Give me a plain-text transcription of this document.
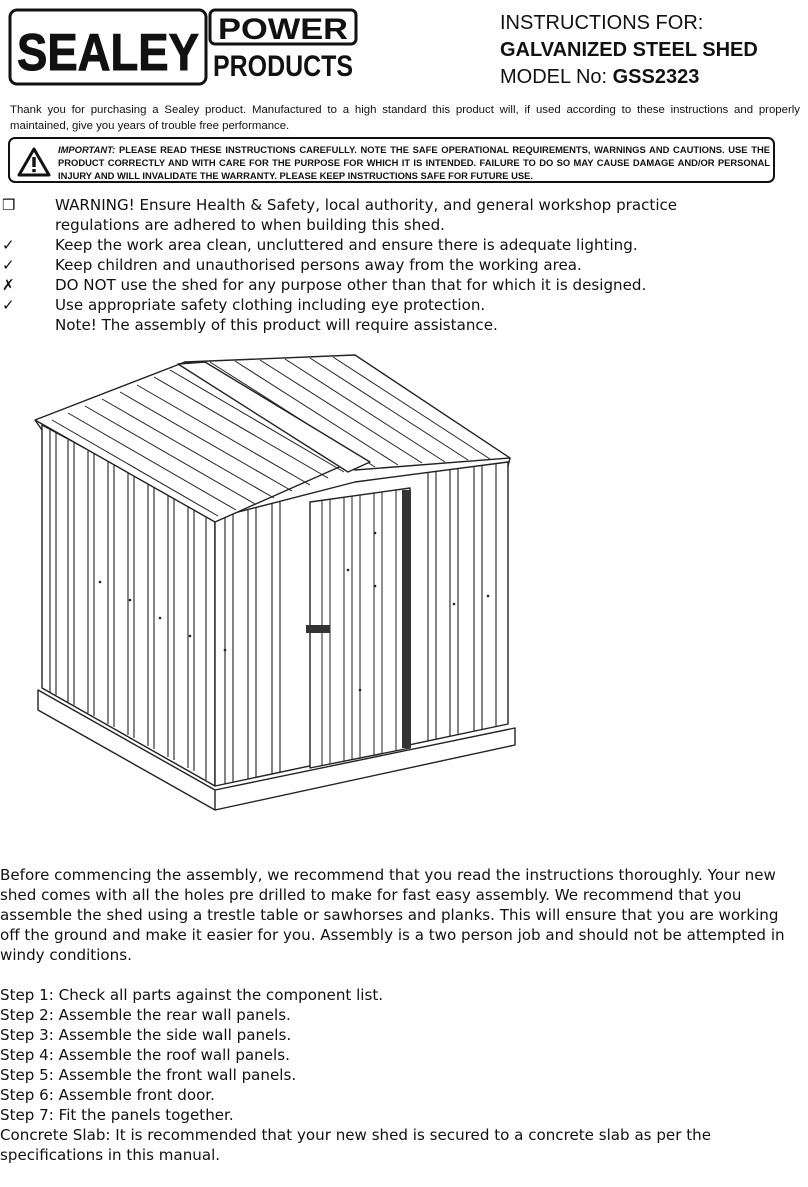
SEALEY POWER
PRODUCTS
INSTRUCTIONS FOR:
GALVANIZED STEEL SHED
MODEL No: GSS2323
Thank you for purchasing a Sealey product. Manufactured to a high standard this product will, if used according to these instructions and properly maintained, give you years of trouble free performance.
IMPORTANT: PLEASE READ THESE INSTRUCTIONS CAREFULLY. NOTE THE SAFE OPERATIONAL REQUIREMENTS, WARNINGS AND CAUTIONS. USE THE PRODUCT CORRECTLY AND WITH CARE FOR THE PURPOSE FOR WHICH IT IS INTENDED. FAILURE TO DO SO MAY CAUSE DAMAGE AND/OR PERSONAL INJURY AND WILL INVALIDATE THE WARRANTY. PLEASE KEEP INSTRUCTIONS SAFE FOR FUTURE USE.
❒	WARNING! Ensure Health & Safety, local authority, and general workshop practice
regulations are adhered to when building this shed.
✓	Keep the work area clean, uncluttered and ensure there is adequate lighting.
✓	Keep children and unauthorised persons away from the working area.
✗	DO NOT use the shed for any purpose other than that for which it is designed.
✓	Use appropriate safety clothing including eye protection.
Note! The assembly of this product will require assistance.

Before commencing the assembly, we recommend that you read the instructions thoroughly. Your new shed comes with all the holes pre drilled to make for fast easy assembly. We recommend that you assemble the shed using a trestle table or sawhorses and planks. This will ensure that you are working off the ground and make it easier for you. Assembly is a two person job and should not be attempted in windy conditions.

Step 1: Check all parts against the component list.

Step 2: Assemble the rear wall panels.

Step 3: Assemble the side wall panels.

Step 4: Assemble the roof wall panels.

Step 5: Assemble the front wall panels.

Step 6: Assemble front door.

Step 7: Fit the panels together.

Concrete Slab: It is recommended that your new shed is secured to a concrete slab as per the specifications in this manual.
